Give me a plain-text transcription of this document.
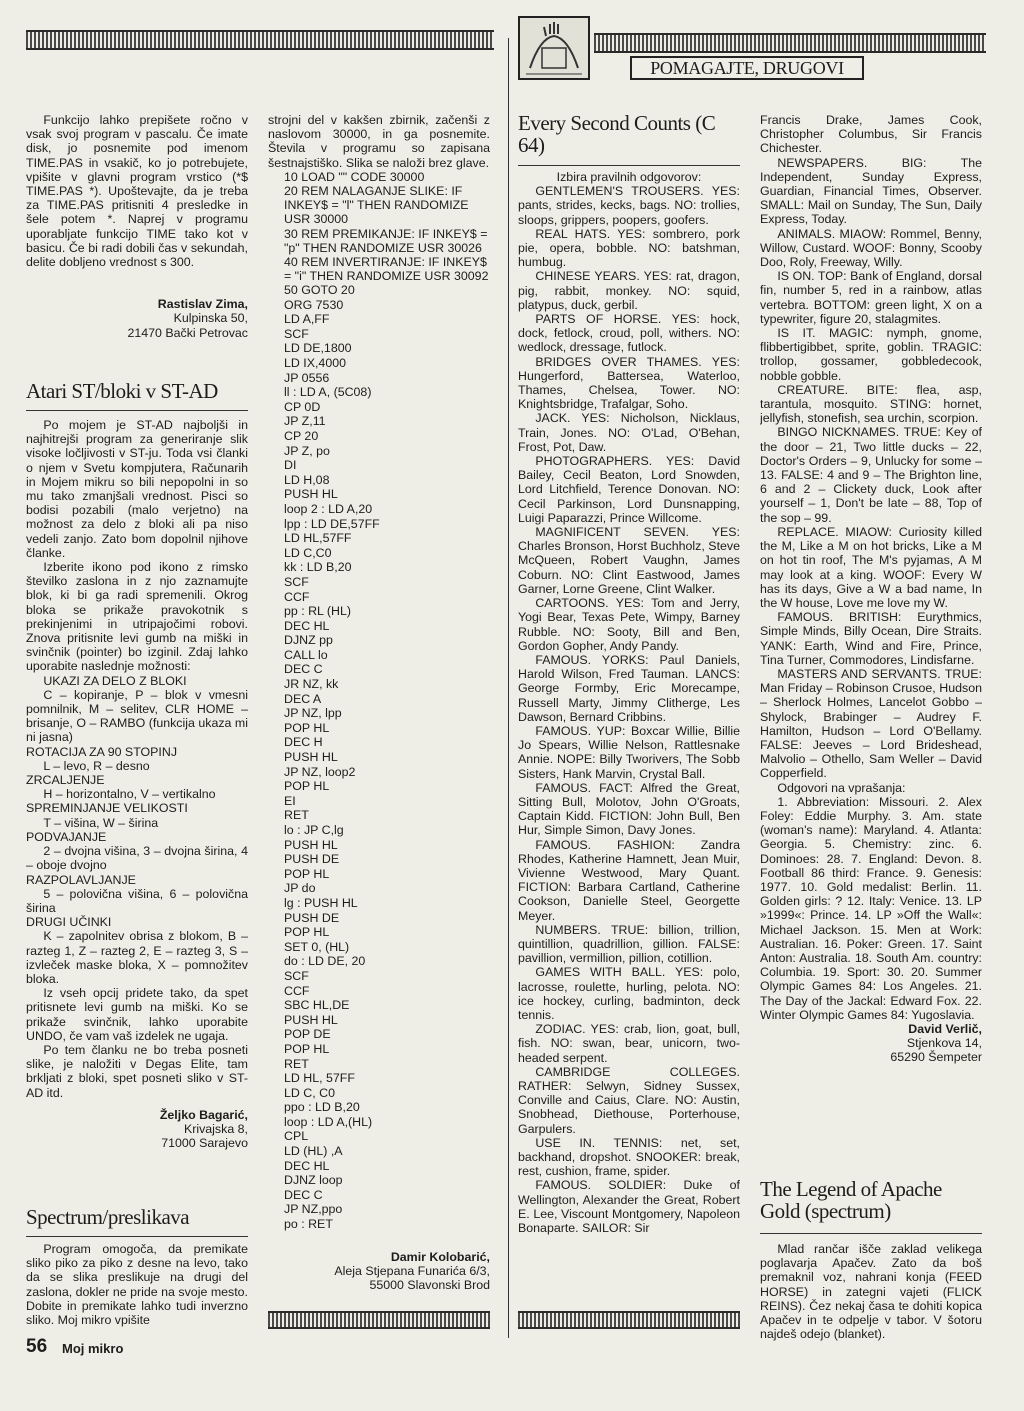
POMAGAJTE, DRUGOVI

Funkcijo lahko prepišete ročno v vsak svoj program v pascalu. Če imate disk, jo posnemite pod imenom TIME.PAS in vsakič, ko jo potrebujete, vpišite v glavni program vrstico (*$ TIME.PAS *). Upoštevajte, da je treba za TIME.PAS pritisniti 4 presledke in šele potem *. Naprej v programu uporabljate funkcijo TIME tako kot v basicu. Če bi radi dobili čas v sekundah, delite dobljeno vrednost s 300.

Rastislav Zima,

Kulpinska 50,

21470 Bački Petrovac

Atari ST/bloki v ST-AD

Po mojem je ST-AD najboljši in najhitrejši program za generiranje slik visoke ločljivosti v ST-ju. Toda vsi članki o njem v Svetu kompjutera, Računarih in Mojem mikru so bili nepopolni in so mu tako zmanjšali vrednost. Pisci so bodisi pozabili (malo verjetno) na možnost za delo z bloki ali pa niso vedeli zanjo. Zato bom dopolnil njihove članke.

Izberite ikono pod ikono z rimsko številko zaslona in z njo zaznamujte blok, ki bi ga radi spremenili. Okrog bloka se prikaže pravokotnik s prekinjenimi in utripajočimi robovi. Znova pritisnite levi gumb na miški in svinčnik (pointer) bo izginil. Zdaj lahko uporabite naslednje možnosti:

UKAZI ZA DELO Z BLOKI

C – kopiranje, P – blok v vmesni pomnilnik, M – selitev, CLR HOME – brisanje, O – RAMBO (funkcija ukaza mi ni jasna)

ROTACIJA ZA 90 STOPINJ

L – levo, R – desno

ZRCALJENJE

H – horizontalno, V – vertikalno

SPREMINJANJE VELIKOSTI

T – višina, W – širina

PODVAJANJE

2 – dvojna višina, 3 – dvojna širina, 4 – oboje dvojno

RAZPOLAVLJANJE

5 – polovična višina, 6 – polovična širina

DRUGI UČINKI

K – zapolnitev obrisa z blokom, B – razteg 1, Z – razteg 2, E – razteg 3, S – izvleček maske bloka, X – pomnožitev bloka.

Iz vseh opcij pridete tako, da spet pritisnete levi gumb na miški. Ko se prikaže svinčnik, lahko uporabite UNDO, če vam vaš izdelek ne ugaja.

Po tem članku ne bo treba posneti slike, je naložiti v Degas Elite, tam brkljati z bloki, spet posneti sliko v ST-AD itd.

Željko Bagarić,

Krivajska 8,

71000 Sarajevo

Spectrum/preslikava

Program omogoča, da premikate sliko piko za piko z desne na levo, tako da se slika preslikuje na drugi del zaslona, dokler ne pride na svoje mesto. Dobite in premikate lahko tudi inverzno sliko. Moj mikro vpišite

strojni del v kakšen zbirnik, začenši z naslovom 30000, in ga posnemite. Števila v programu so zapisana šestnajstiško. Slika se naloži brez glave.

10 LOAD "" CODE 30000
20 REM NALAGANJE SLIKE: IF INKEY$ = "l" THEN RANDOMIZE USR 30000
30 REM PREMIKANJE: IF INKEY$ = "p" THEN RANDOMIZE USR 30026
40 REM INVERTIRANJE: IF INKEY$ = "i" THEN RANDOMIZE USR 30092
50 GOTO 20

ORG 7530
LD A,FF
SCF
LD DE,1800
LD IX,4000
JP 0556
ll : LD A, (5C08)
CP 0D
JP Z,11
CP 20
JP Z, po
DI
LD H,08
PUSH HL
loop 2 : LD A,20
lpp : LD DE,57FF
LD HL,57FF
LD C,C0
kk : LD B,20
SCF
CCF
pp : RL (HL)
DEC HL
DJNZ pp
CALL lo
DEC C
JR NZ, kk
DEC A
JP NZ, lpp
POP HL
DEC H
PUSH HL
JP NZ, loop2
POP HL
EI
RET
lo : JP C,lg
PUSH HL
PUSH DE
POP HL
JP do
lg : PUSH HL
PUSH DE
POP HL
SET 0, (HL)
do : LD DE, 20
SCF
CCF
SBC HL,DE
PUSH HL
POP DE
POP HL
RET
LD HL, 57FF
LD C, C0
ppo : LD B,20
loop : LD A,(HL)
CPL
LD (HL) ,A
DEC HL
DJNZ loop
DEC C
JP NZ,ppo
po : RET

Damir Kolobarić,

Aleja Stjepana Funarića 6/3,

55000 Slavonski Brod

Every Second Counts (C 64)

Izbira pravilnih odgovorov:

GENTLEMEN'S TROUSERS. YES: pants, strides, kecks, bags. NO: trollies, sloops, grippers, poopers, goofers.

REAL HATS. YES: sombrero, pork pie, opera, bobble. NO: batshman, humbug.

CHINESE YEARS. YES: rat, dragon, pig, rabbit, monkey. NO: squid, platypus, duck, gerbil.

PARTS OF HORSE. YES: hock, dock, fetlock, croud, poll, withers. NO: wedlock, dressage, futlock.

BRIDGES OVER THAMES. YES: Hungerford, Battersea, Waterloo, Thames, Chelsea, Tower. NO: Knightsbridge, Trafalgar, Soho.

JACK. YES: Nicholson, Nicklaus, Train, Jones. NO: O'Lad, O'Behan, Frost, Pot, Daw.

PHOTOGRAPHERS. YES: David Bailey, Cecil Beaton, Lord Snowden, Lord Litchfield, Terence Donovan. NO: Cecil Parkinson, Lord Dunsnapping, Luigi Paparazzi, Prince Willcome.

MAGNIFICENT SEVEN. YES: Charles Bronson, Horst Buchholz, Steve McQueen, Robert Vaughn, James Coburn. NO: Clint Eastwood, James Garner, Lorne Greene, Clint Walker.

CARTOONS. YES: Tom and Jerry, Yogi Bear, Texas Pete, Wimpy, Barney Rubble. NO: Sooty, Bill and Ben, Gordon Gopher, Andy Pandy.

FAMOUS. YORKS: Paul Daniels, Harold Wilson, Fred Tauman. LANCS: George Formby, Eric Morecampe, Russell Marty, Jimmy Clitherge, Les Dawson, Bernard Cribbins.

FAMOUS. YUP: Boxcar Willie, Billie Jo Spears, Willie Nelson, Rattlesnake Annie. NOPE: Billy Tworivers, The Sobb Sisters, Hank Marvin, Crystal Ball.

FAMOUS. FACT: Alfred the Great, Sitting Bull, Molotov, John O'Groats, Captain Kidd. FICTION: John Bull, Ben Hur, Simple Simon, Davy Jones.

FAMOUS. FASHION: Zandra Rhodes, Katherine Hamnett, Jean Muir, Vivienne Westwood, Mary Quant. FICTION: Barbara Cartland, Catherine Cookson, Danielle Steel, Georgette Meyer.

NUMBERS. TRUE: billion, trillion, quintillion, quadrillion, gillion. FALSE: pavillion, vermillion, pillion, cotillion.

GAMES WITH BALL. YES: polo, lacrosse, roulette, hurling, pelota. NO: ice hockey, curling, badminton, deck tennis.

ZODIAC. YES: crab, lion, goat, bull, fish. NO: swan, bear, unicorn, two-headed serpent.

CAMBRIDGE COLLEGES. RATHER: Selwyn, Sidney Sussex, Conville and Caius, Clare. NO: Austin, Snobhead, Diethouse, Porterhouse, Garpulers.

USE IN. TENNIS: net, set, backhand, dropshot. SNOOKER: break, rest, cushion, frame, spider.

FAMOUS. SOLDIER: Duke of Wellington, Alexander the Great, Robert E. Lee, Viscount Montgomery, Napoleon Bonaparte. SAILOR: Sir

Francis Drake, James Cook, Christopher Columbus, Sir Francis Chichester.

NEWSPAPERS. BIG: The Independent, Sunday Express, Guardian, Financial Times, Observer. SMALL: Mail on Sunday, The Sun, Daily Express, Today.

ANIMALS. MIAOW: Rommel, Benny, Willow, Custard. WOOF: Bonny, Scooby Doo, Roly, Freeway, Willy.

IS ON. TOP: Bank of England, dorsal fin, number 5, red in a rainbow, atlas vertebra. BOTTOM: green light, X on a typewriter, figure 20, stalagmites.

IS IT. MAGIC: nymph, gnome, flibbertigibbet, sprite, goblin. TRAGIC: trollop, gossamer, gobbledecook, nobble gobble.

CREATURE. BITE: flea, asp, tarantula, mosquito. STING: hornet, jellyfish, stonefish, sea urchin, scorpion.

BINGO NICKNAMES. TRUE: Key of the door – 21, Two little ducks – 22, Doctor's Orders – 9, Unlucky for some – 13. FALSE: 4 and 9 – The Brighton line, 6 and 2 – Clickety duck, Look after yourself – 1, Don't be late – 88, Top of the sop – 99.

REPLACE. MIAOW: Curiosity killed the M, Like a M on hot bricks, Like a M on hot tin roof, The M's pyjamas, A M may look at a king. WOOF: Every W has its days, Give a W a bad name, In the W house, Love me love my W.

FAMOUS. BRITISH: Eurythmics, Simple Minds, Billy Ocean, Dire Straits. YANK: Earth, Wind and Fire, Prince, Tina Turner, Commodores, Lindisfarne.

MASTERS AND SERVANTS. TRUE: Man Friday – Robinson Crusoe, Hudson – Sherlock Holmes, Lancelot Gobbo – Shylock, Brabinger – Audrey F. Hamilton, Hudson – Lord O'Bellamy. FALSE: Jeeves – Lord Brideshead, Malvolio – Othello, Sam Weller – David Copperfield.

Odgovori na vprašanja:

1. Abbreviation: Missouri. 2. Alex Foley: Eddie Murphy. 3. Am. state (woman's name): Maryland. 4. Atlanta: Georgia. 5. Chemistry: zinc. 6. Dominoes: 28. 7. England: Devon. 8. Football 86 third: France. 9. Genesis: 1977. 10. Gold medalist: Berlin. 11. Golden girls: ? 12. Italy: Venice. 13. LP »1999«: Prince. 14. LP »Off the Wall«: Michael Jackson. 15. Men at Work: Australian. 16. Poker: Green. 17. Saint Anton: Australia. 18. South Am. country: Columbia. 19. Sport: 30. 20. Summer Olympic Games 84: Los Angeles. 21. The Day of the Jackal: Edward Fox. 22. Winter Olympic Games 84: Yugoslavia.

David Verlič,

Stjenkova 14,

65290 Šempeter

The Legend of Apache Gold (spectrum)

Mlad rančar išče zaklad velikega poglavarja Apačev. Zato da boš premaknil voz, nahrani konja (FEED HORSE) in zategni vajeti (FLICK REINS). Čez nekaj časa te dohiti kopica Apačev in te odpelje v tabor. V šotoru najdeš odejo (blanket).

56 Moj mikro
